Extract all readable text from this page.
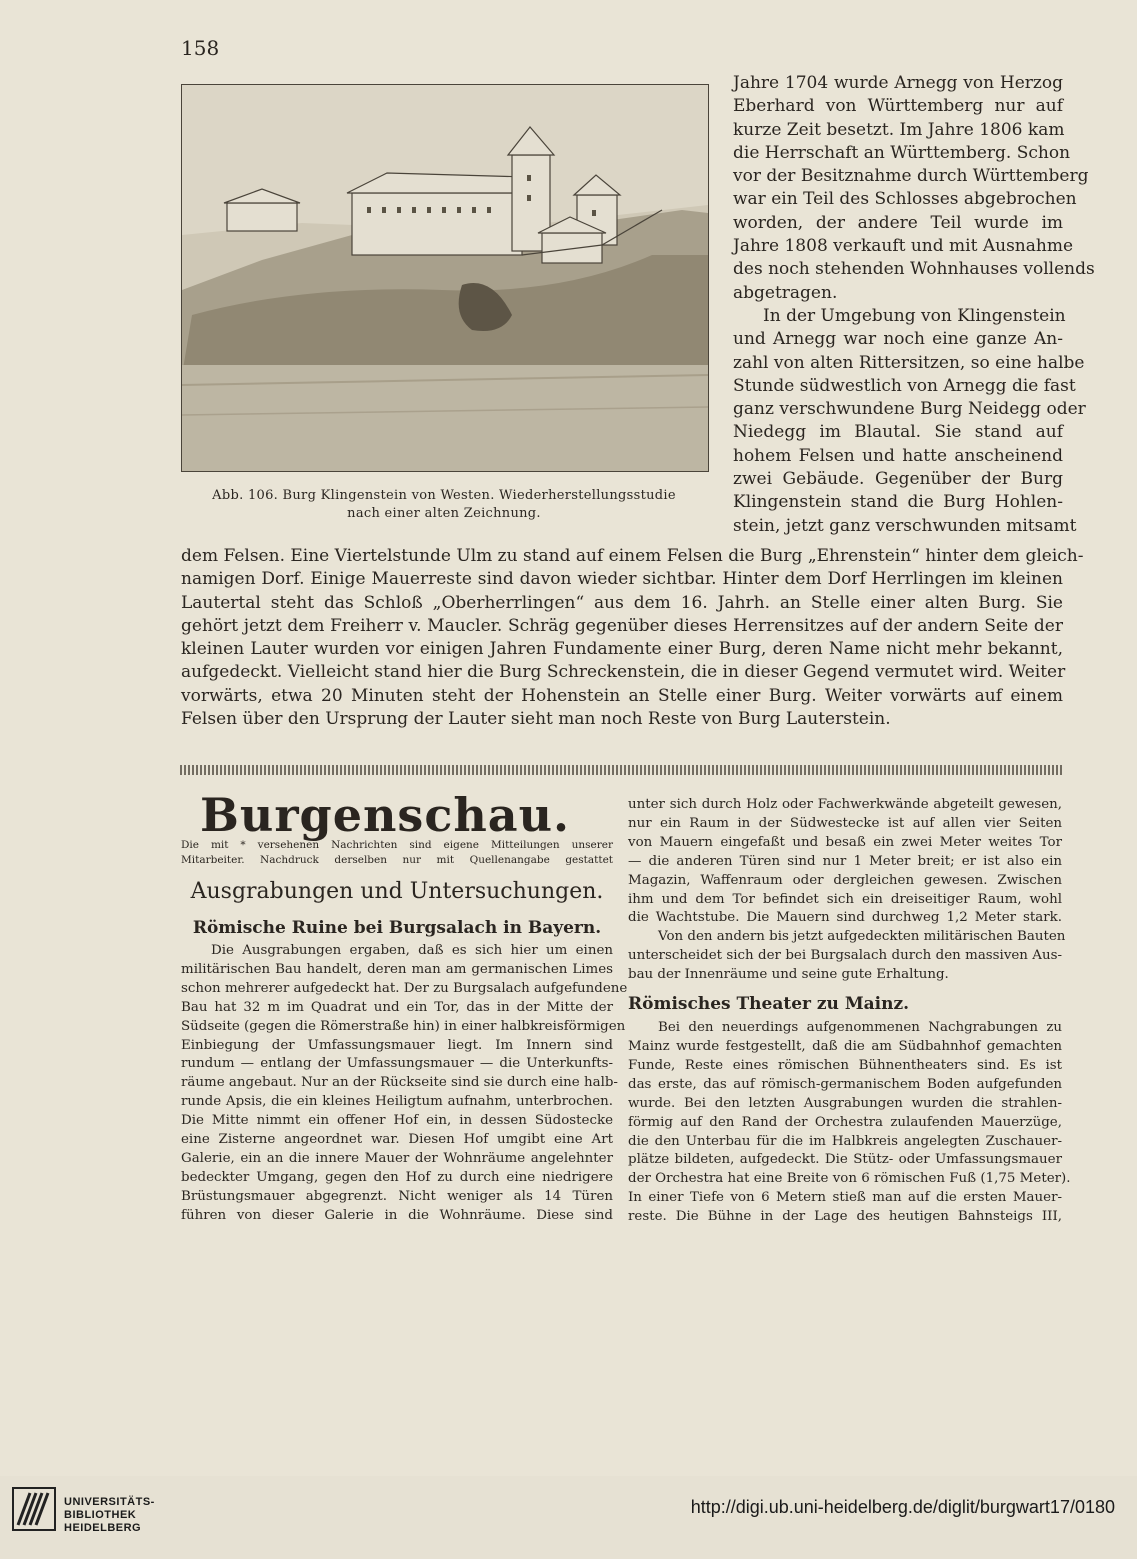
158
Abb. 106. Burg Klingenstein von Westen. Wiederherstellungsstudie
nach einer alten Zeichnung.
Jahre 1704 wurde Arnegg von Herzog
Eberhard von Württemberg nur auf
kurze Zeit besetzt. Im Jahre 1806 kam
die Herrschaft an Württemberg. Schon
vor der Besitznahme durch Württemberg
war ein Teil des Schlosses abgebrochen
worden, der andere Teil wurde im
Jahre 1808 verkauft und mit Ausnahme
des noch stehenden Wohnhauses vollends
abgetragen.
In der Umgebung von Klingenstein
und Arnegg war noch eine ganze An-
zahl von alten Rittersitzen, so eine halbe
Stunde südwestlich von Arnegg die fast
ganz verschwundene Burg Neidegg oder
Niedegg im Blautal. Sie stand auf
hohem Felsen und hatte anscheinend
zwei Gebäude. Gegenüber der Burg
Klingenstein stand die Burg Hohlen-
stein, jetzt ganz verschwunden mitsamt
dem Felsen. Eine Viertelstunde Ulm zu stand auf einem Felsen die Burg „Ehrenstein“ hinter dem gleich-
namigen Dorf. Einige Mauerreste sind davon wieder sichtbar. Hinter dem Dorf Herrlingen im kleinen
Lautertal steht das Schloß „Oberherrlingen“ aus dem 16. Jahrh. an Stelle einer alten Burg. Sie
gehört jetzt dem Freiherr v. Maucler. Schräg gegenüber dieses Herrensitzes auf der andern Seite der
kleinen Lauter wurden vor einigen Jahren Fundamente einer Burg, deren Name nicht mehr bekannt,
aufgedeckt. Vielleicht stand hier die Burg Schreckenstein, die in dieser Gegend vermutet wird. Weiter
vorwärts, etwa 20 Minuten steht der Hohenstein an Stelle einer Burg. Weiter vorwärts auf einem
Felsen über den Ursprung der Lauter sieht man noch Reste von Burg Lauterstein.
Burgenschau.
Die mit * versehenen Nachrichten sind eigene Mitteilungen unserer
Mitarbeiter. Nachdruck derselben nur mit Quellenangabe gestattet
Ausgrabungen und Untersuchungen.
Römische Ruine bei Burgsalach in Bayern.
Die Ausgrabungen ergaben, daß es sich hier um einen
militärischen Bau handelt, deren man am germanischen Limes
schon mehrerer aufgedeckt hat. Der zu Burgsalach aufgefundene
Bau hat 32 m im Quadrat und ein Tor, das in der Mitte der
Südseite (gegen die Römerstraße hin) in einer halbkreisförmigen
Einbiegung der Umfassungsmauer liegt. Im Innern sind
rundum — entlang der Umfassungsmauer — die Unterkunfts-
räume angebaut. Nur an der Rückseite sind sie durch eine halb-
runde Apsis, die ein kleines Heiligtum aufnahm, unterbrochen.
Die Mitte nimmt ein offener Hof ein, in dessen Südostecke
eine Zisterne angeordnet war. Diesen Hof umgibt eine Art
Galerie, ein an die innere Mauer der Wohnräume angelehnter
bedeckter Umgang, gegen den Hof zu durch eine niedrigere
Brüstungsmauer abgegrenzt. Nicht weniger als 14 Türen
führen von dieser Galerie in die Wohnräume. Diese sind
unter sich durch Holz oder Fachwerkwände abgeteilt gewesen,
nur ein Raum in der Südwestecke ist auf allen vier Seiten
von Mauern eingefaßt und besaß ein zwei Meter weites Tor
— die anderen Türen sind nur 1 Meter breit; er ist also ein
Magazin, Waffenraum oder dergleichen gewesen. Zwischen
ihm und dem Tor befindet sich ein dreiseitiger Raum, wohl
die Wachtstube. Die Mauern sind durchweg 1,2 Meter stark.
Von den andern bis jetzt aufgedeckten militärischen Bauten
unterscheidet sich der bei Burgsalach durch den massiven Aus-
bau der Innenräume und seine gute Erhaltung.
Römisches Theater zu Mainz.
Bei den neuerdings aufgenommenen Nachgrabungen zu
Mainz wurde festgestellt, daß die am Südbahnhof gemachten
Funde, Reste eines römischen Bühnentheaters sind. Es ist
das erste, das auf römisch-germanischem Boden aufgefunden
wurde. Bei den letzten Ausgrabungen wurden die strahlen-
förmig auf den Rand der Orchestra zulaufenden Mauerzüge,
die den Unterbau für die im Halbkreis angelegten Zuschauer-
plätze bildeten, aufgedeckt. Die Stütz- oder Umfassungsmauer
der Orchestra hat eine Breite von 6 römischen Fuß (1,75 Meter).
In einer Tiefe von 6 Metern stieß man auf die ersten Mauer-
reste. Die Bühne in der Lage des heutigen Bahnsteigs III,
UNIVERSITÄTS-
BIBLIOTHEK
HEIDELBERG
http://digi.ub.uni-heidelberg.de/diglit/burgwart17/0180
